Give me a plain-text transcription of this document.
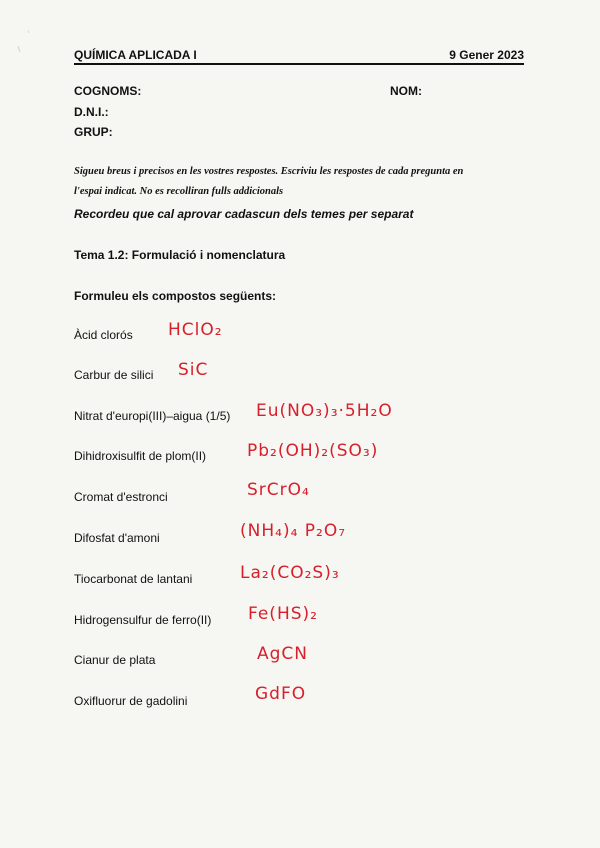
QUÍMICA APLICADA I	9 Gener 2023
COGNOMS:	NOM:
D.N.I.:
GRUP:
Sigueu breus i precisos en les vostres respostes. Escriviu les respostes de cada pregunta en
l'espai indicat. No es recolliran fulls addicionals
Recordeu que cal aprovar cadascun dels temes per separat
Tema 1.2: Formulació i nomenclatura
Formuleu els compostos següents:
Àcid clorós HClO₂
Carbur de silici SiC
Nitrat d'europi(III)–aigua (1/5) Eu(NO₃)₃·5H₂O
Dihidroxisulfit de plom(II) Pb₂(OH)₂(SO₃)
Cromat d'estronci	SrCrO₄
Difosfat d'amoni	(NH₄)₄ P₂O₇
Tiocarbonat de lantani	La₂(CO₂S)₃
Hidrogensulfur de ferro(II) Fe(HS)₂
Cianur de plata	AgCN
Oxifluorur de gadolini	GdFO
